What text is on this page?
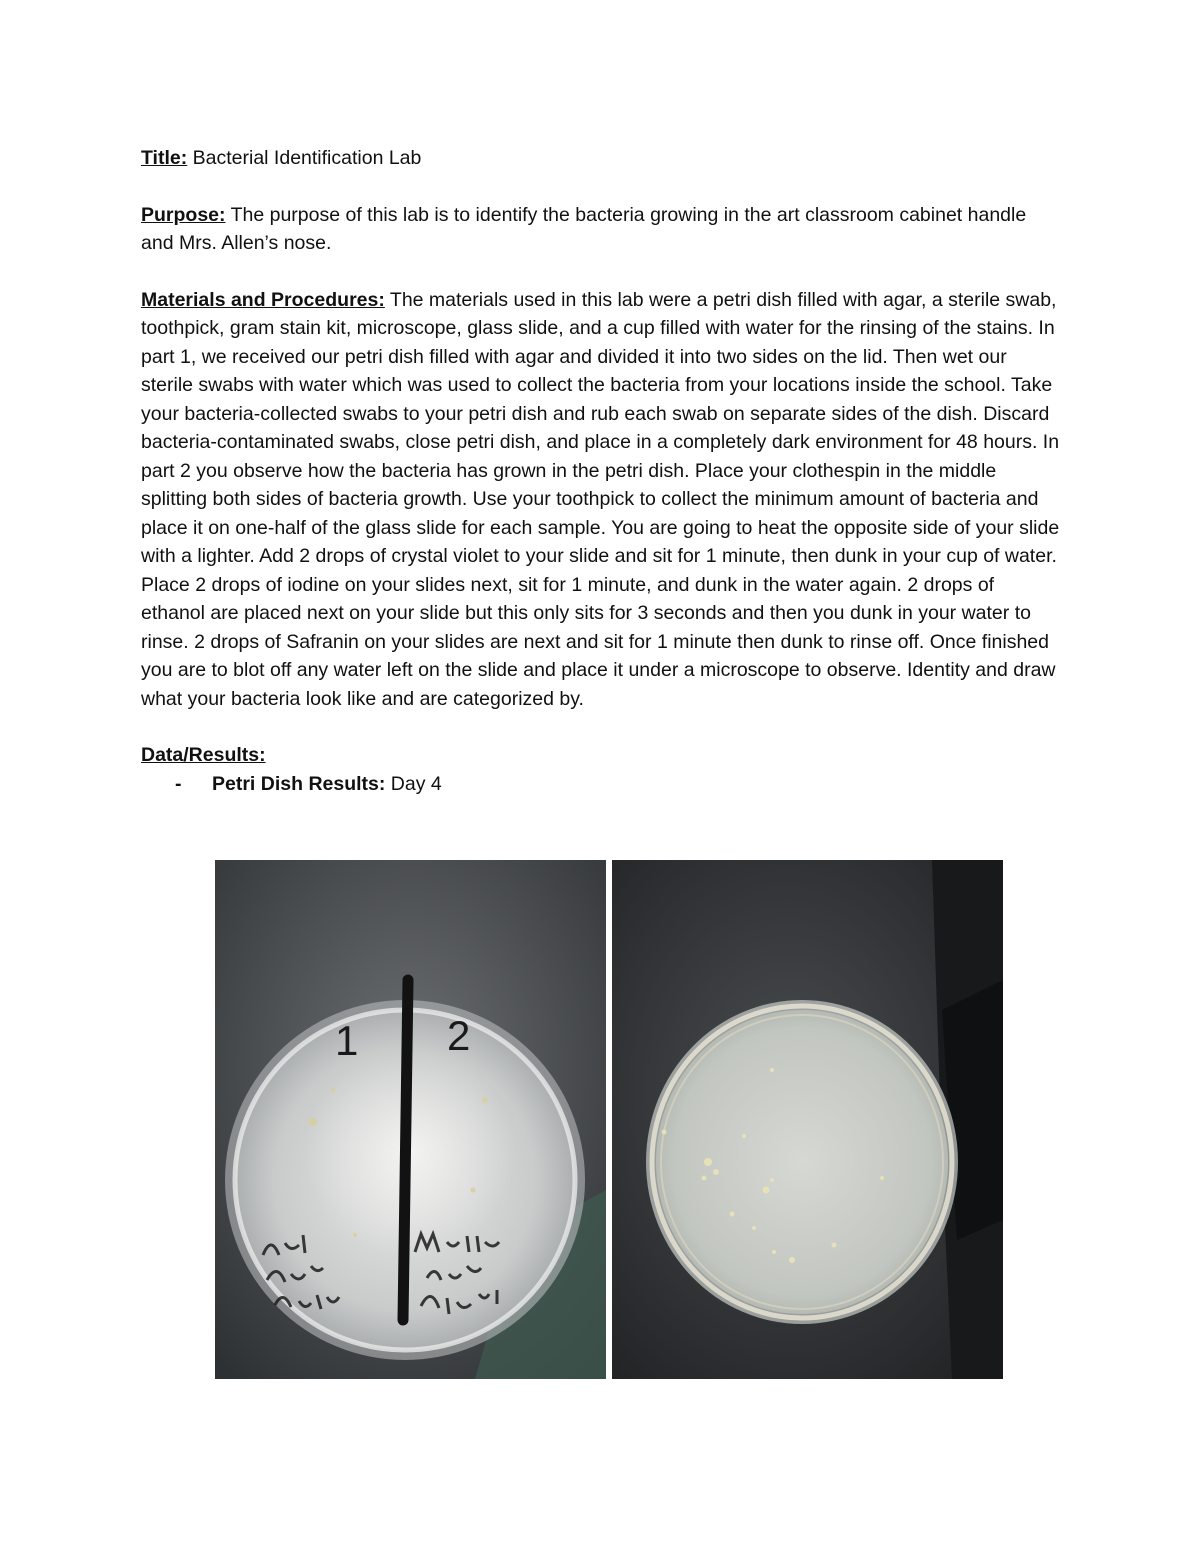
Title: Bacterial Identification Lab

Purpose: The purpose of this lab is to identify the bacteria growing in the art classroom cabinet handle and Mrs. Allen’s nose.

Materials and Procedures: The materials used in this lab were a petri dish filled with agar, a sterile swab, toothpick, gram stain kit, microscope, glass slide, and a cup filled with water for the rinsing of the stains. In part 1, we received our petri dish filled with agar and divided it into two sides on the lid. Then wet our sterile swabs with water which was used to collect the bacteria from your locations inside the school. Take your bacteria-collected swabs to your petri dish and rub each swab on separate sides of the dish. Discard bacteria-contaminated swabs, close petri dish, and place in a completely dark environment for 48 hours. In part 2 you observe how the bacteria has grown in the petri dish. Place your clothespin in the middle splitting both sides of bacteria growth. Use your toothpick to collect the minimum amount of bacteria and place it on one-half of the glass slide for each sample. You are going to heat the opposite side of your slide with a lighter. Add 2 drops of crystal violet to your slide and sit for 1 minute, then dunk in your cup of water. Place 2 drops of iodine on your slides next, sit for 1 minute, and dunk in the water again. 2 drops of ethanol are placed next on your slide but this only sits for 3 seconds and then you dunk in your water to rinse. 2 drops of Safranin on your slides are next and sit for 1 minute then dunk to rinse off. Once finished you are to blot off any water left on the slide and place it under a microscope to observe. Identity and draw what your bacteria look like and are categorized by.

Data/Results:

-	Petri Dish Results: Day 4
1 2
